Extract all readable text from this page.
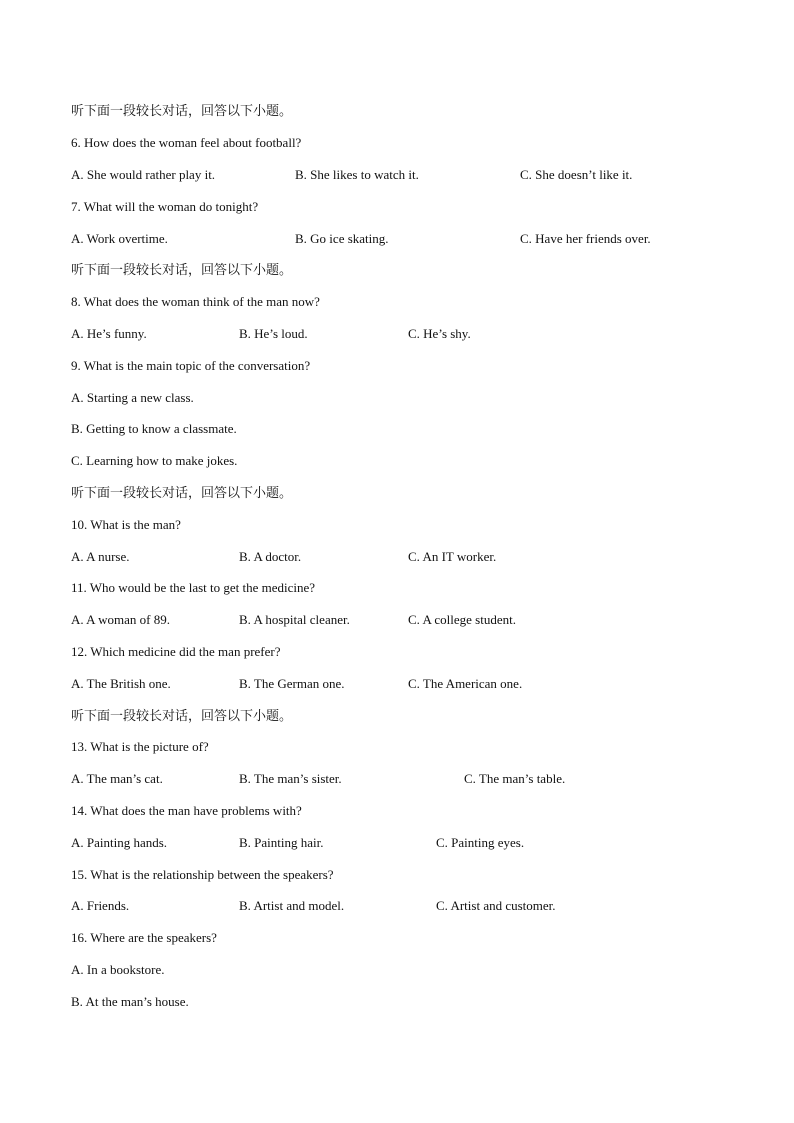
听下面一段较长对话，回答以下小题。
6. How does the woman feel about football?
A. She would rather play it.	B. She likes to watch it.	C. She doesn’t like it.
7. What will the woman do tonight?
A. Work overtime.	B. Go ice skating.	C. Have her friends over.
听下面一段较长对话，回答以下小题。
8. What does the woman think of the man now?
A. He’s funny.	B. He’s loud.	C. He’s shy.
9. What is the main topic of the conversation?
A. Starting a new class.
B. Getting to know a classmate.
C. Learning how to make jokes.
听下面一段较长对话，回答以下小题。
10. What is the man?
A. A nurse.	B. A doctor.	C. An IT worker.
11. Who would be the last to get the medicine?
A. A woman of 89.	B. A hospital cleaner.	C. A college student.
12. Which medicine did the man prefer?
A. The British one.	B. The German one.	C. The American one.
听下面一段较长对话，回答以下小题。
13. What is the picture of?
A. The man’s cat.	B. The man’s sister.	C. The man’s table.
14. What does the man have problems with?
A. Painting hands.	B. Painting hair.	C. Painting eyes.
15. What is the relationship between the speakers?
A. Friends.	B. Artist and model.	C. Artist and customer.
16. Where are the speakers?
A. In a bookstore.
B. At the man’s house.
